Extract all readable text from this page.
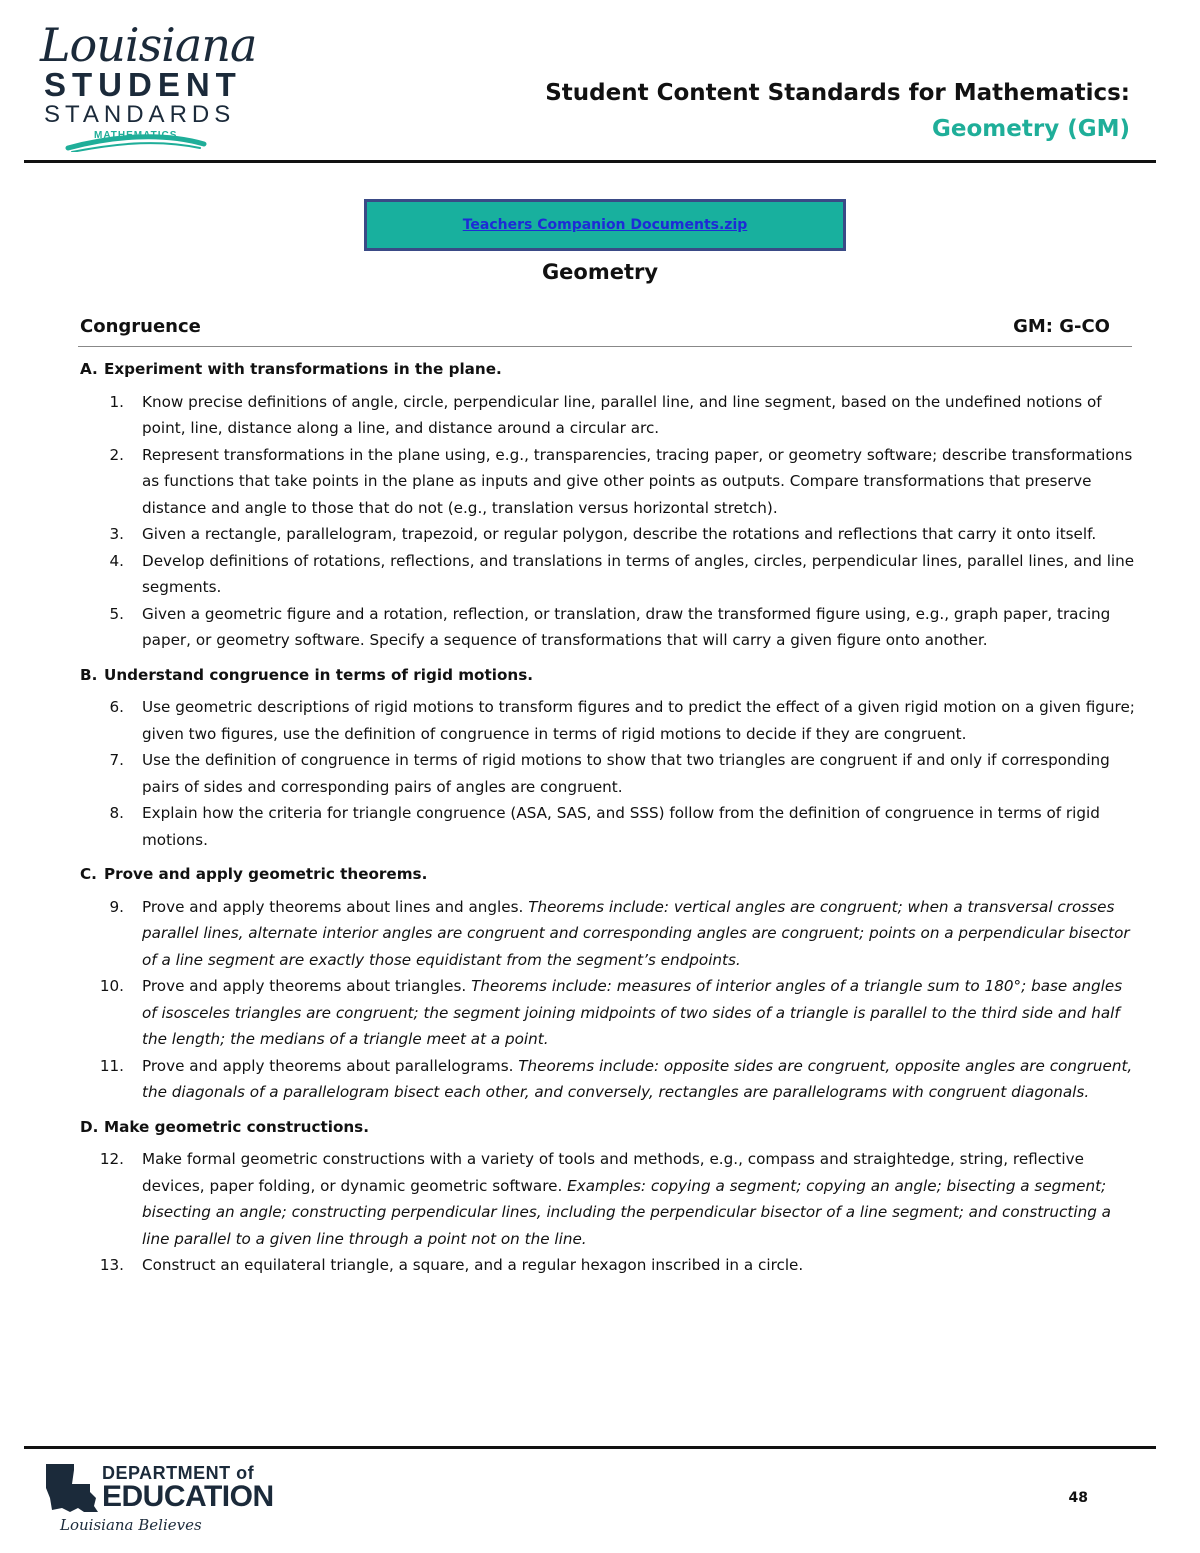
Louisiana
STUDENT
STANDARDS
MATHEMATICS
Student Content Standards for Mathematics:
Geometry (GM)
Teachers Companion Documents.zip
Geometry
Congruence	GM: G-CO
A. Experiment with transformations in the plane.
1. Know precise definitions of angle, circle, perpendicular line, parallel line, and line segment, based on the undefined notions of point, line, distance along a line, and distance around a circular arc.
2. Represent transformations in the plane using, e.g., transparencies, tracing paper, or geometry software; describe transformations as functions that take points in the plane as inputs and give other points as outputs. Compare transformations that preserve distance and angle to those that do not (e.g., translation versus horizontal stretch).
3. Given a rectangle, parallelogram, trapezoid, or regular polygon, describe the rotations and reflections that carry it onto itself.
4. Develop definitions of rotations, reflections, and translations in terms of angles, circles, perpendicular lines, parallel lines, and line segments.
5. Given a geometric figure and a rotation, reflection, or translation, draw the transformed figure using, e.g., graph paper, tracing paper, or geometry software. Specify a sequence of transformations that will carry a given figure onto another.
B. Understand congruence in terms of rigid motions.
6. Use geometric descriptions of rigid motions to transform figures and to predict the effect of a given rigid motion on a given figure; given two figures, use the definition of congruence in terms of rigid motions to decide if they are congruent.
7. Use the definition of congruence in terms of rigid motions to show that two triangles are congruent if and only if corresponding pairs of sides and corresponding pairs of angles are congruent.
8. Explain how the criteria for triangle congruence (ASA, SAS, and SSS) follow from the definition of congruence in terms of rigid motions.
C. Prove and apply geometric theorems.
9. Prove and apply theorems about lines and angles. Theorems include: vertical angles are congruent; when a transversal crosses parallel lines, alternate interior angles are congruent and corresponding angles are congruent; points on a perpendicular bisector of a line segment are exactly those equidistant from the segment’s endpoints.
10. Prove and apply theorems about triangles. Theorems include: measures of interior angles of a triangle sum to 180°; base angles of isosceles triangles are congruent; the segment joining midpoints of two sides of a triangle is parallel to the third side and half the length; the medians of a triangle meet at a point.
11. Prove and apply theorems about parallelograms. Theorems include: opposite sides are congruent, opposite angles are congruent, the diagonals of a parallelogram bisect each other, and conversely, rectangles are parallelograms with congruent diagonals.
D. Make geometric constructions.
12. Make formal geometric constructions with a variety of tools and methods, e.g., compass and straightedge, string, reflective devices, paper folding, or dynamic geometric software. Examples: copying a segment; copying an angle; bisecting a segment; bisecting an angle; constructing perpendicular lines, including the perpendicular bisector of a line segment; and constructing a line parallel to a given line through a point not on the line.
13. Construct an equilateral triangle, a square, and a regular hexagon inscribed in a circle.
DEPARTMENT of
EDUCATION
Louisiana Believes
48
